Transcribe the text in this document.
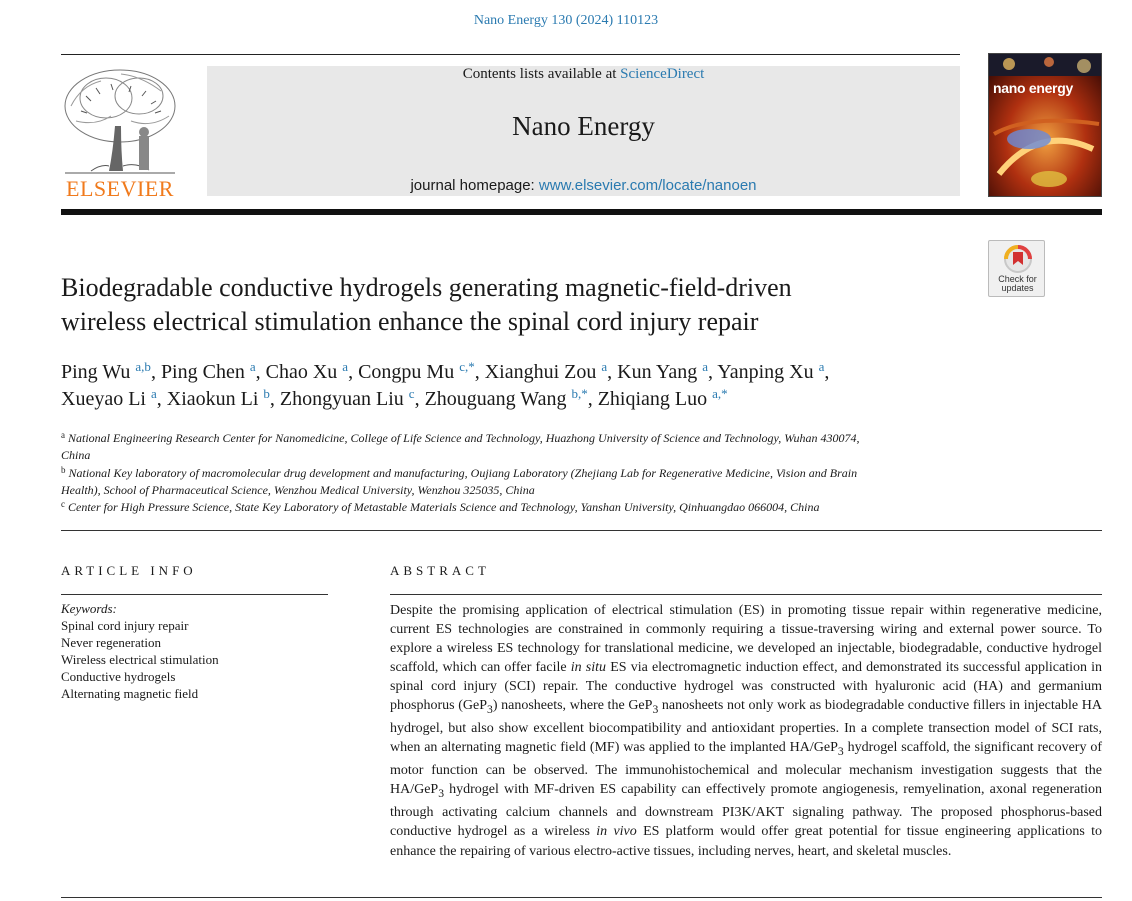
Nano Energy 130 (2024) 110123
ELSEVIER
Contents lists available at ScienceDirect
Nano Energy
journal homepage: www.elsevier.com/locate/nanoen
nano energy
Check for
updates
Biodegradable conductive hydrogels generating magnetic-field-driven
wireless electrical stimulation enhance the spinal cord injury repair
Ping Wu $^{a,b}$, Ping Chen $^a$, Chao Xu $^a$, Congpu Mu $^{c,*}$, Xianghui Zou $^a$, Kun Yang $^a$, Yanping Xu $^a$,
Xueyao Li $^a$, Xiaokun Li $^b$, Zhongyuan Liu $^c$, Zhouguang Wang $^{b,*}$, Zhiqiang Luo $^{a,*}$
$^a$ National Engineering Research Center for Nanomedicine, College of Life Science and Technology, Huazhong University of Science and Technology, Wuhan 430074,
China
$^b$ National Key laboratory of macromolecular drug development and manufacturing, Oujiang Laboratory (Zhejiang Lab for Regenerative Medicine, Vision and Brain
Health), School of Pharmaceutical Science, Wenzhou Medical University, Wenzhou 325035, China
$^c$ Center for High Pressure Science, State Key Laboratory of Metastable Materials Science and Technology, Yanshan University, Qinhuangdao 066004, China
ARTICLE INFO
Keywords:
Spinal cord injury repair
Never regeneration
Wireless electrical stimulation
Conductive hydrogels
Alternating magnetic field
ABSTRACT
Despite the promising application of electrical stimulation (ES) in promoting tissue repair within regenerative medicine, current ES technologies are constrained in commonly requiring a tissue-traversing wiring and external power source. To explore a wireless ES technology for translational medicine, we developed an injectable, biodegradable, conductive hydrogel scaffold, which can offer facile in situ ES via electromagnetic induction effect, and demonstrated its successful application in spinal cord injury (SCI) repair. The conductive hydrogel was constructed with hyaluronic acid (HA) and germanium phosphorus (GeP$_3$) nanosheets, where the GeP$_3$ nanosheets not only work as biodegradable conductive fillers in injectable HA hydrogel, but also show excellent biocompatibility and antioxidant properties. In a complete transection model of SCI rats, when an alternating magnetic field (MF) was applied to the implanted HA/GeP$_3$ hydrogel scaffold, the significant recovery of motor function can be observed. The immunohistochemical and molecular mechanism investigation suggests that the HA/GeP$_3$ hydrogel with MF-driven ES capability can effectively promote angiogenesis, remyelination, axonal regeneration through activating calcium channels and downstream PI3K/AKT signaling pathway. The proposed phosphorus-based conductive hydrogel as a wireless in vivo ES platform would offer great potential for tissue engineering applications to enhance the repairing of various electro-active tissues, including nerves, heart, and skeletal muscles.
